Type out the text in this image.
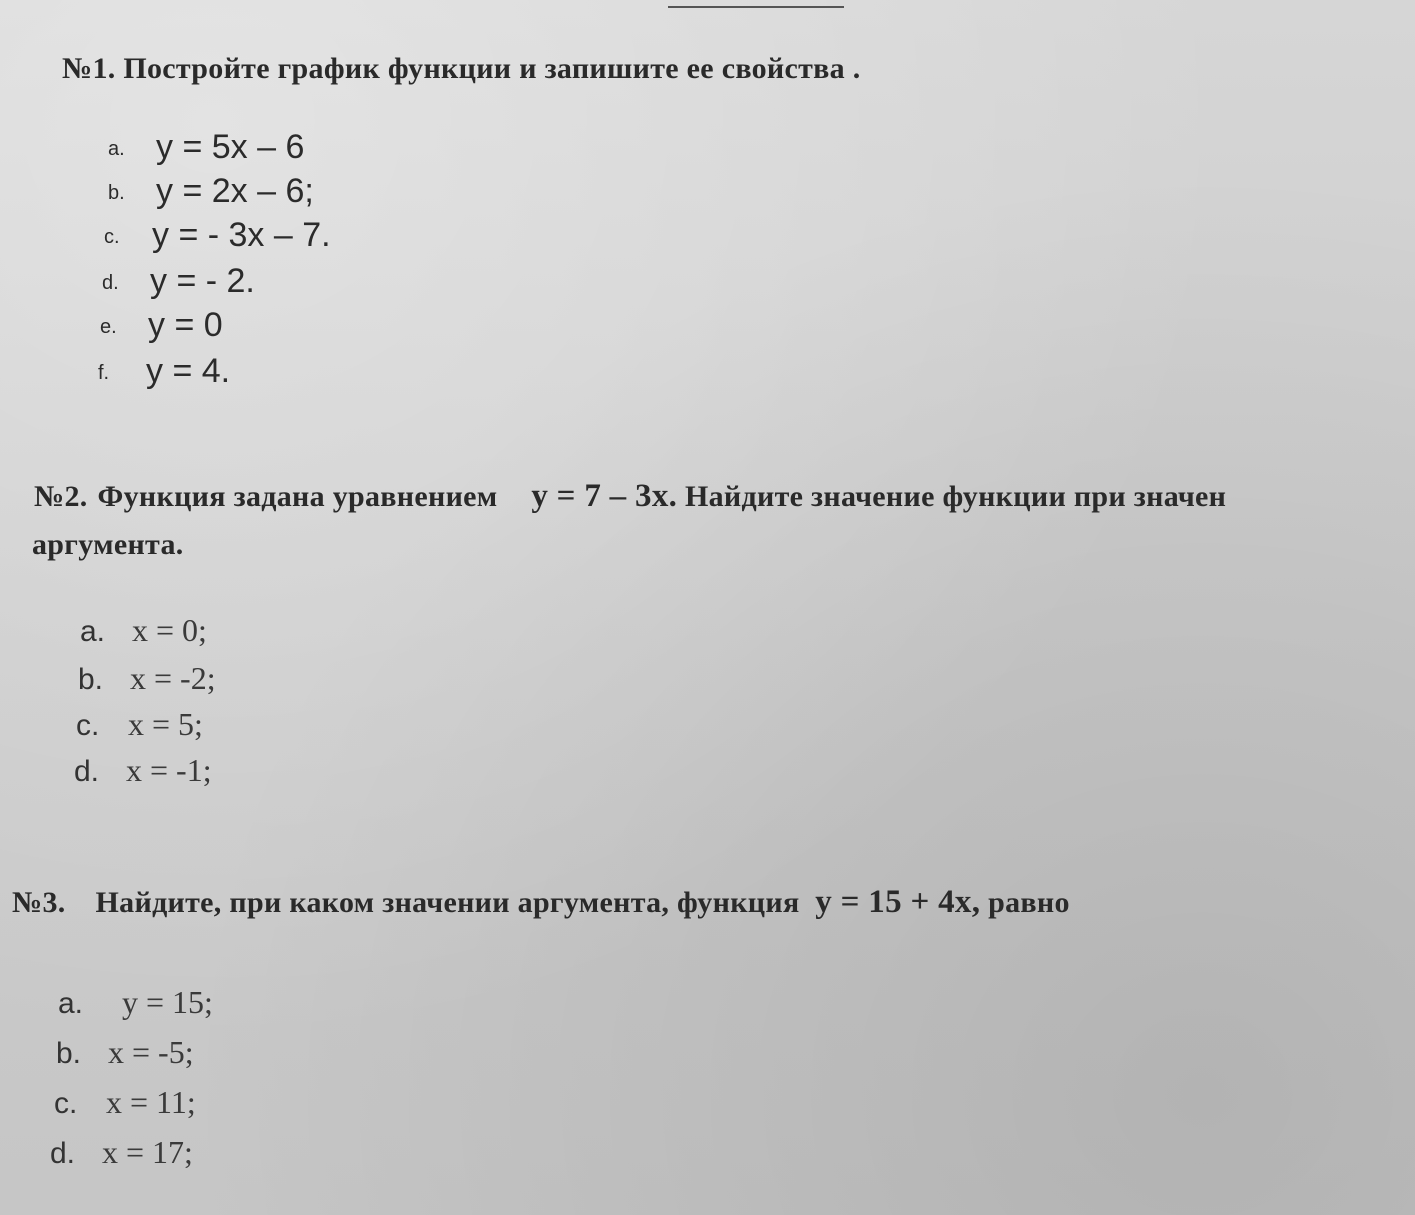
№1. Постройте график функции и запишите ее свойства .
a. y = 5x – 6
b. y = 2x – 6;
c. y = - 3x – 7.
d. y = - 2.
e. y = 0
f. y = 4.
№2. Функция задана уравнением y = 7 – 3x. Найдите значение функции при значен
аргумента.
a. x = 0;
b. x = -2;
c. x = 5;
d. x = -1;
№3. Найдите, при каком значении аргумента, функция y = 15 + 4x, равно
a. y = 15;
b. x = -5;
c. x = 11;
d. x = 17;
